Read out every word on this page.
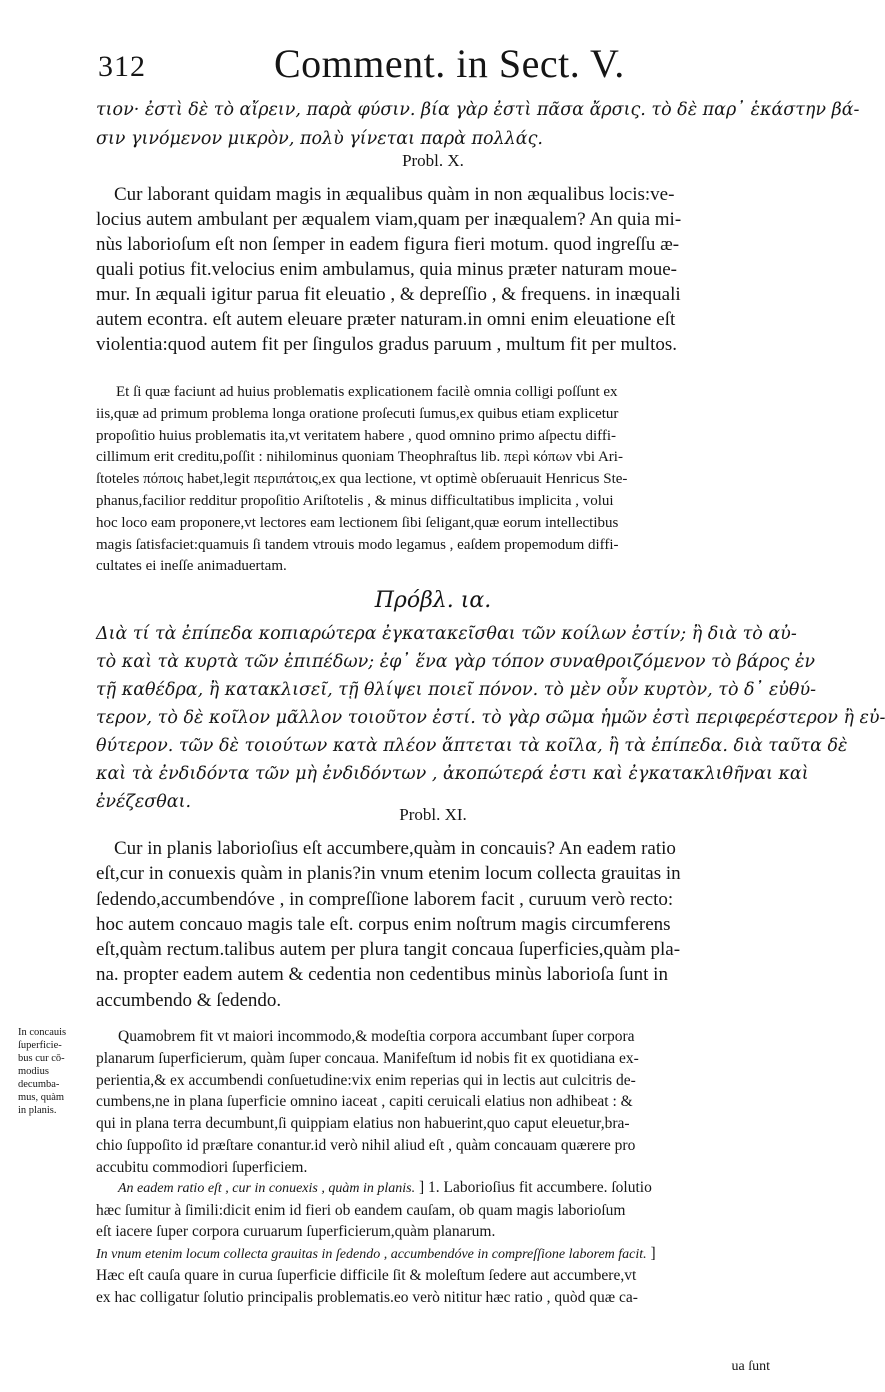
312	Comment. in Sect. V.
τιον· ἐστὶ δὲ τὸ αἴρειν, παρὰ φύσιν. βία γὰρ ἐστὶ πᾶσα ἄρσις. τὸ δὲ παρ᾽ ἑκάστην βά-
σιν γινόμενον μικρὸν, πολὺ γίνεται παρὰ πολλάς.
Probl. X.
Cur laborant quidam magis in æqualibus quàm in non æqualibus locis:ve-
locius autem ambulant per æqualem viam,quam per inæqualem? An quia mi-
nùs laborioſum eſt non ſemper in eadem figura fieri motum. quod ingreſſu æ-
quali potius fit.velocius enim ambulamus, quia minus præter naturam moue-
mur. In æquali igitur parua fit eleuatio , & depreſſio , & frequens. in inæquali
autem econtra. eſt autem eleuare præter naturam.in omni enim eleuatione eſt
violentia:quod autem fit per ſingulos gradus paruum , multum fit per multos.
Et ſi quæ faciunt ad huius problematis explicationem facilè omnia colligi poſſunt ex
iis,quæ ad primum problema longa oratione proſecuti ſumus,ex quibus etiam explicetur
propoſitio huius problematis ita,vt veritatem habere , quod omnino primo aſpectu diffi-
cillimum erit creditu,poſſit : nihilominus quoniam Theophraſtus lib. περὶ κόπων vbi Ari-
ſtoteles πόποις habet,legit περιπάτοις,ex qua lectione, vt optimè obſeruauit Henricus Ste-
phanus,facilior redditur propoſitio Ariſtotelis , & minus difficultatibus implicita , volui
hoc loco eam proponere,vt lectores eam lectionem ſibi ſeligant,quæ eorum intellectibus
magis ſatisfaciet:quamuis ſi tandem vtrouis modo legamus , eaſdem propemodum diffi-
cultates ei ineſſe animaduertam.
Πρόβλ. ια.
Διὰ τί τὰ ἐπίπεδα κοπιαρώτερα ἐγκατακεῖσθαι τῶν κοίλων ἐστίν; ἢ διὰ τὸ αὐ-
τὸ καὶ τὰ κυρτὰ τῶν ἐπιπέδων; ἐφ᾽ ἕνα γὰρ τόπον συναθροιζόμενον τὸ βάρος ἐν
τῇ καθέδρα, ἢ κατακλισεῖ, τῇ θλίψει ποιεῖ πόνον. τὸ μὲν οὖν κυρτὸν, τὸ δ᾽ εὐθύ-
τερον, τὸ δὲ κοῖλον μᾶλλον τοιοῦτον ἐστί. τὸ γὰρ σῶμα ἡμῶν ἐστὶ περιφερέστερον ἢ εὐ-
θύτερον. τῶν δὲ τοιούτων κατὰ πλέον ἅπτεται τὰ κοῖλα, ἢ τὰ ἐπίπεδα. διὰ ταῦτα δὲ
καὶ τὰ ἐνδιδόντα τῶν μὴ ἐνδιδόντων , ἀκοπώτερά ἐστι καὶ ἐγκατακλιθῆναι καὶ
ἐνέζεσθαι.
Probl. XI.
Cur in planis laborioſius eſt accumbere,quàm in concauis? An eadem ratio
eſt,cur in conuexis quàm in planis?in vnum etenim locum collecta grauitas in
ſedendo,accumbendóve , in compreſſione laborem facit , curuum verò recto:
hoc autem concauo magis tale eſt. corpus enim noſtrum magis circumferens
eſt,quàm rectum.talibus autem per plura tangit concaua ſuperficies,quàm pla-
na. propter eadem autem & cedentia non cedentibus minùs laborioſa ſunt in
accumbendo & ſedendo.
In concauis
ſuperficie-
bus cur cō-
modius
decumba-
mus, quàm
in planis.
Quamobrem fit vt maiori incommodo,& modeſtia corpora accumbant ſuper corpora
planarum ſuperficierum, quàm ſuper concaua. Manifeſtum id nobis fit ex quotidiana ex-
perientia,& ex accumbendi conſuetudine:vix enim reperias qui in lectis aut culcitris de-
cumbens,ne in plana ſuperficie omnino iaceat , capiti ceruicali elatius non adhibeat : &
qui in plana terra decumbunt,ſi quippiam elatius non habuerint,quo caput eleuetur,bra-
chio ſuppoſito id præſtare conantur.id verò nihil aliud eſt , quàm concauam quærere pro
accubitu commodiori ſuperficiem.
An eadem ratio eſt , cur in conuexis , quàm in planis. ] 1. Laborioſius fit accumbere. ſolutio
hæc ſumitur à ſimili:dicit enim id fieri ob eandem cauſam, ob quam magis laborioſum
eſt iacere ſuper corpora curuarum ſuperficierum,quàm planarum.
In vnum etenim locum collecta grauitas in ſedendo , accumbendóve in compreſſione laborem facit. ]
Hæc eſt cauſa quare in curua ſuperficie difficile ſit & moleſtum ſedere aut accumbere,vt
ex hac colligatur ſolutio principalis problematis.eo verò nititur hæc ratio , quòd quæ ca-
ua ſunt
